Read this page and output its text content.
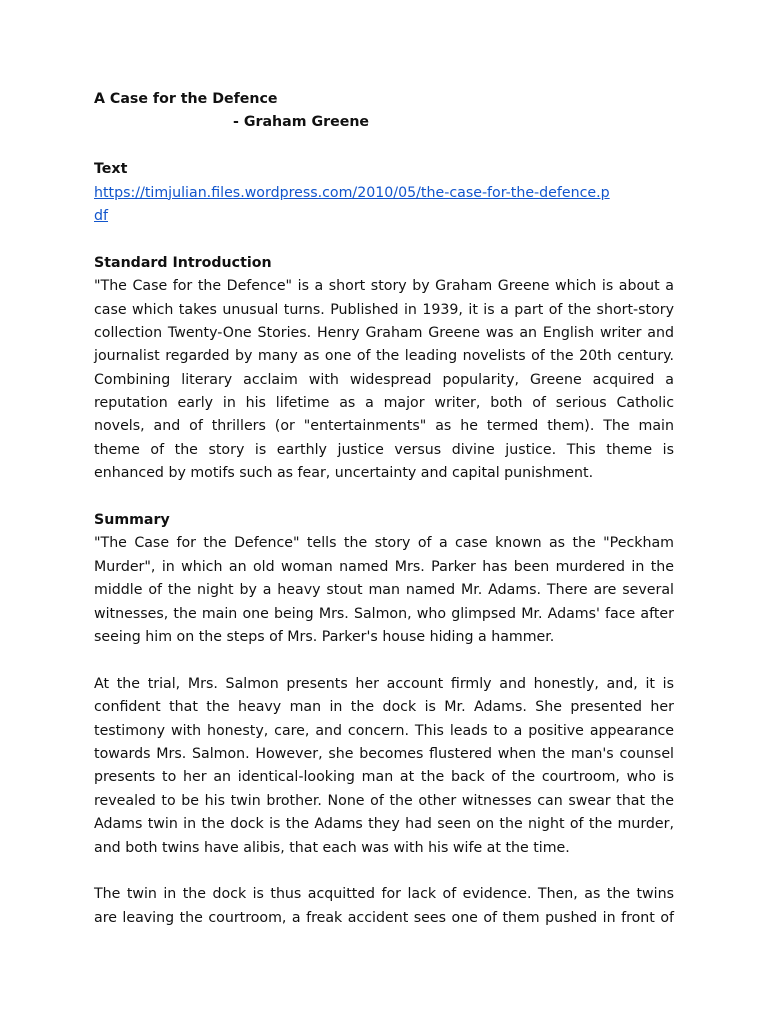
A Case for the Defence
- Graham Greene
Text
https://timjulian.files.wordpress.com/2010/05/the-case-for-the-defence.p
df
Standard Introduction
"The Case for the Defence" is a short story by Graham Greene which is about a
case which takes unusual turns. Published in 1939, it is a part of the short-story
collection Twenty-One Stories. Henry Graham Greene was an English writer and
journalist regarded by many as one of the leading novelists of the 20th century.
Combining literary acclaim with widespread popularity, Greene acquired a
reputation early in his lifetime as a major writer, both of serious Catholic
novels, and of thrillers (or "entertainments" as he termed them). The main
theme of the story is earthly justice versus divine justice. This theme is
enhanced by motifs such as fear, uncertainty and capital punishment.
Summary
"The Case for the Defence" tells the story of a case known as the "Peckham
Murder", in which an old woman named Mrs. Parker has been murdered in the
middle of the night by a heavy stout man named Mr. Adams. There are several
witnesses, the main one being Mrs. Salmon, who glimpsed Mr. Adams' face after
seeing him on the steps of Mrs. Parker's house hiding a hammer.
At the trial, Mrs. Salmon presents her account firmly and honestly, and, it is
confident that the heavy man in the dock is Mr. Adams. She presented her
testimony with honesty, care, and concern. This leads to a positive appearance
towards Mrs. Salmon. However, she becomes flustered when the man's counsel
presents to her an identical-looking man at the back of the courtroom, who is
revealed to be his twin brother. None of the other witnesses can swear that the
Adams twin in the dock is the Adams they had seen on the night of the murder,
and both twins have alibis, that each was with his wife at the time.
The twin in the dock is thus acquitted for lack of evidence. Then, as the twins
are leaving the courtroom, a freak accident sees one of them pushed in front of
